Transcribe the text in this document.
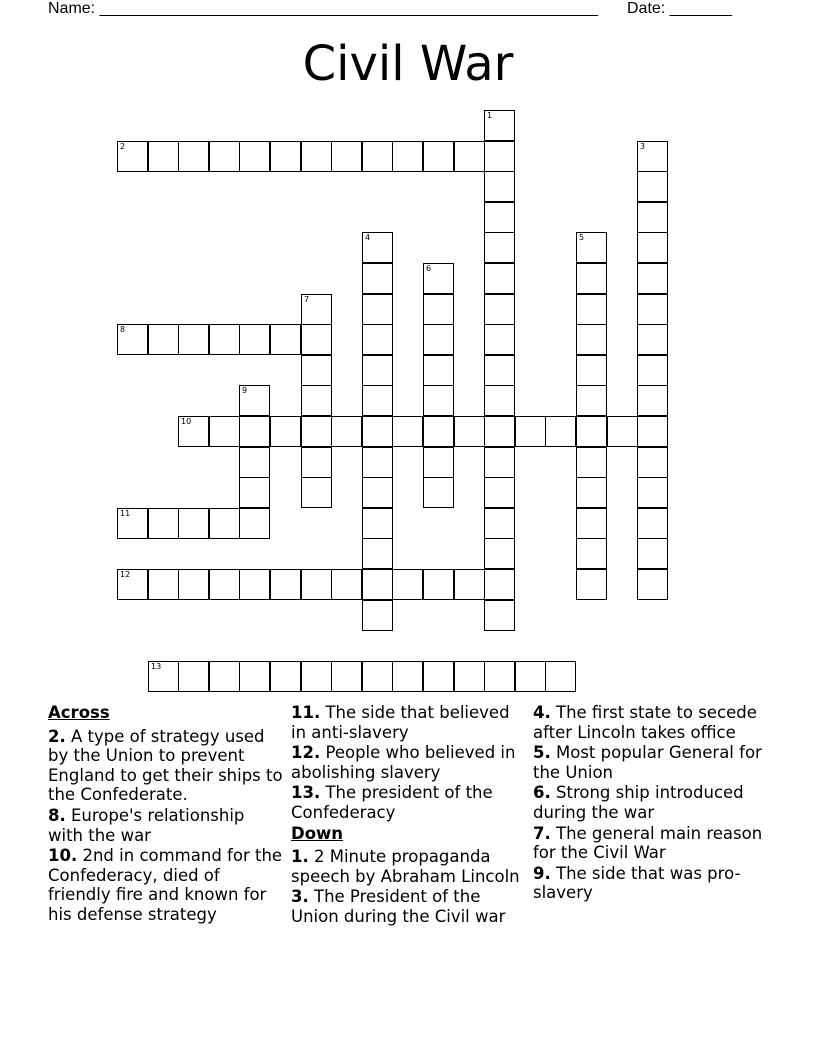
Name: ________________________________________________________ Date: _______
Civil War
1
2	3
4	5
6
7
8
9
10
11
12
13
Across
2. A type of strategy used by the Union to prevent England to get their ships to the Confederate.
8. Europe's relationship with the war
10. 2nd in command for the Confederacy, died of friendly fire and known for his defense strategy
11. The side that believed in anti-slavery
12. People who believed in abolishing slavery
13. The president of the Confederacy
Down
1. 2 Minute propaganda speech by Abraham Lincoln
3. The President of the Union during the Civil war
4. The first state to secede after Lincoln takes office
5. Most popular General for the Union
6. Strong ship introduced during the war
7. The general main reason for the Civil War
9. The side that was pro-slavery
